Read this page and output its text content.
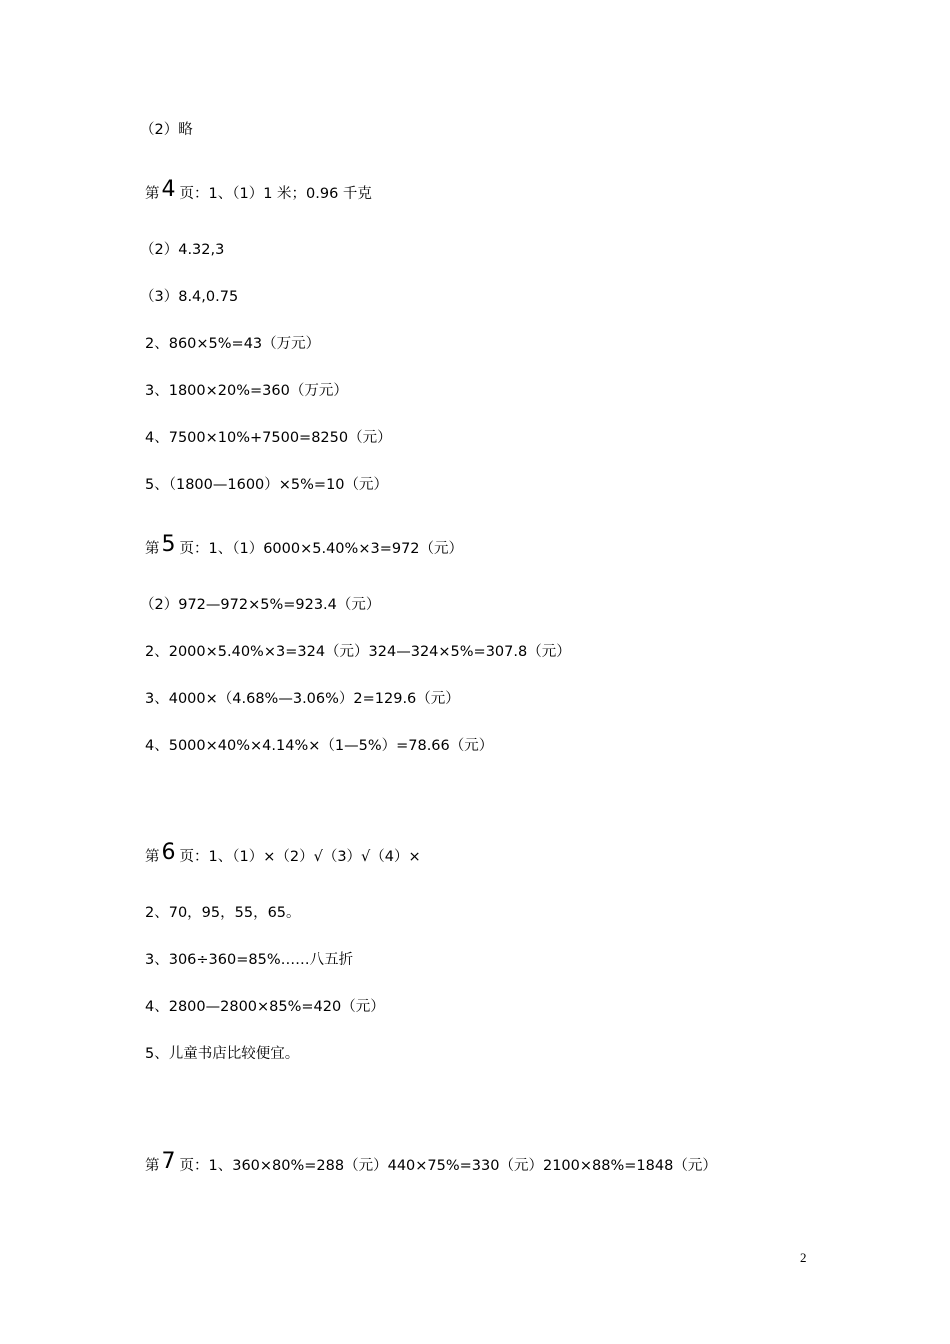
（2）略
第4 页：1、（1）1 米；0.96 千克
（2）4.32,3
（3）8.4,0.75
2、860×5%=43（万元）
3、1800×20%=360（万元）
4、7500×10%+7500=8250（元）
5、（1800—1600）×5%=10（元）
第5 页：1、（1）6000×5.40%×3=972（元）
（2）972—972×5%=923.4（元）
2、2000×5.40%×3=324（元）324—324×5%=307.8（元）
3、4000×（4.68%—3.06%）2=129.6（元）
4、5000×40%×4.14%×（1—5%）=78.66（元）
第6 页：1、（1）×（2）√（3）√（4）×
2、70，95，55，65。
3、306÷360=85%……八五折
4、2800—2800×85%=420（元）
5、儿童书店比较便宜。
第7 页：1、360×80%=288（元）440×75%=330（元）2100×88%=1848（元）
2
